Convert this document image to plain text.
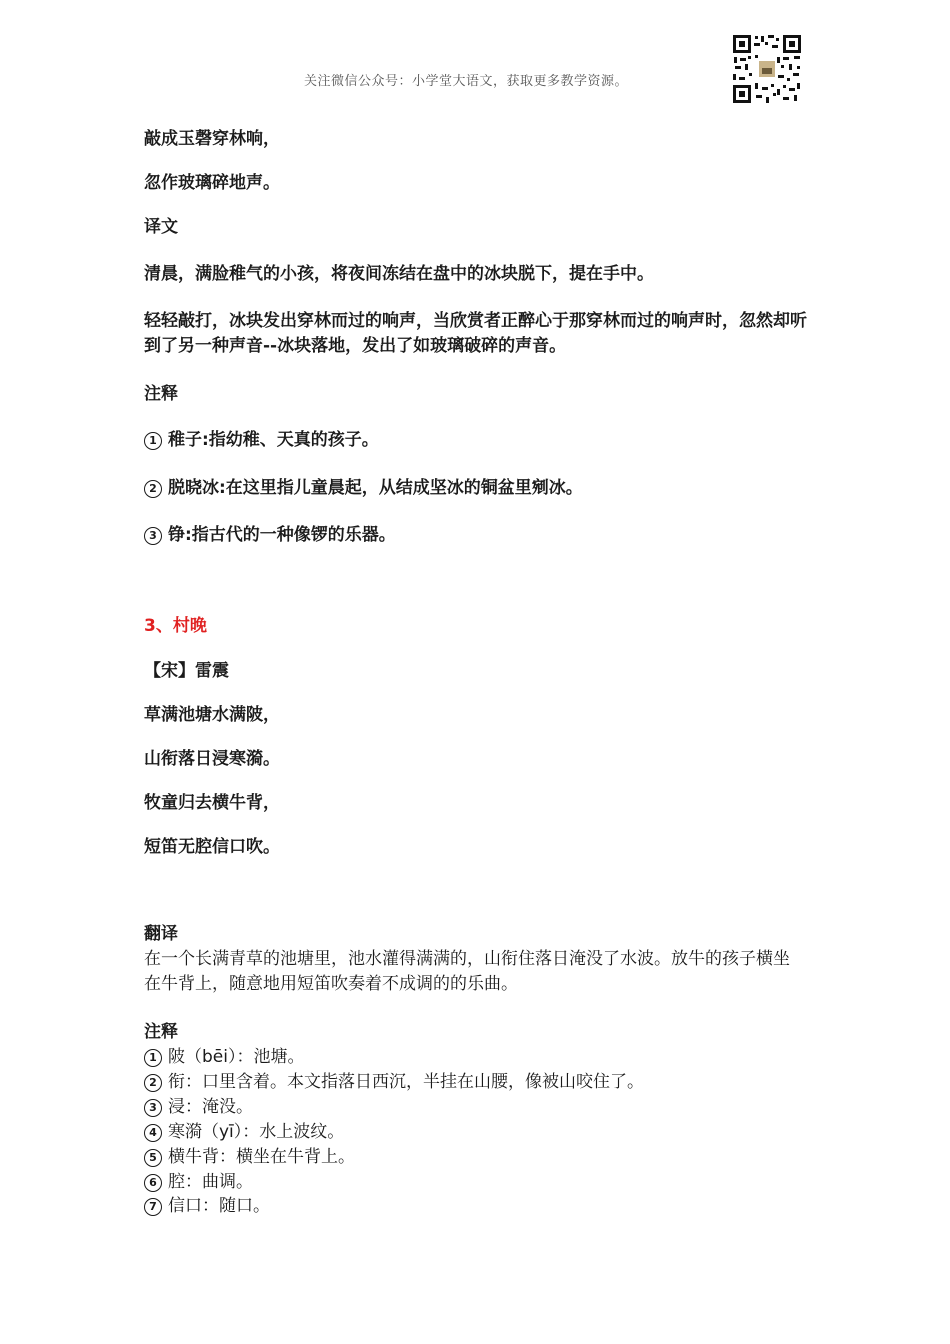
关注微信公众号：小学堂大语文，获取更多教学资源。
敲成玉磬穿林响，
忽作玻璃碎地声。
译文
清晨，满脸稚气的小孩，将夜间冻结在盘中的冰块脱下，提在手中。
轻轻敲打，冰块发出穿林而过的响声，当欣赏者正醉心于那穿林而过的响声时，忽然却听到了另一种声音--冰块落地，发出了如玻璃破碎的声音。
注释
1 稚子:指幼稚、天真的孩子。
2 脱晓冰:在这里指儿童晨起，从结成坚冰的铜盆里剜冰。
3 铮:指古代的一种像锣的乐器。
3、村晚
【宋】雷震
草满池塘水满陂，
山衔落日浸寒漪。
牧童归去横牛背，
短笛无腔信口吹。
翻译
在一个长满青草的池塘里，池水灌得满满的，山衔住落日淹没了水波。放牛的孩子横坐在牛背上，随意地用短笛吹奏着不成调的的乐曲。
注释
1 陂（bēi）：池塘。
2 衔：口里含着。本文指落日西沉，半挂在山腰，像被山咬住了。
3 浸：淹没。
4 寒漪（yī）：水上波纹。
5 横牛背：横坐在牛背上。
6 腔：曲调。
7 信口：随口。
